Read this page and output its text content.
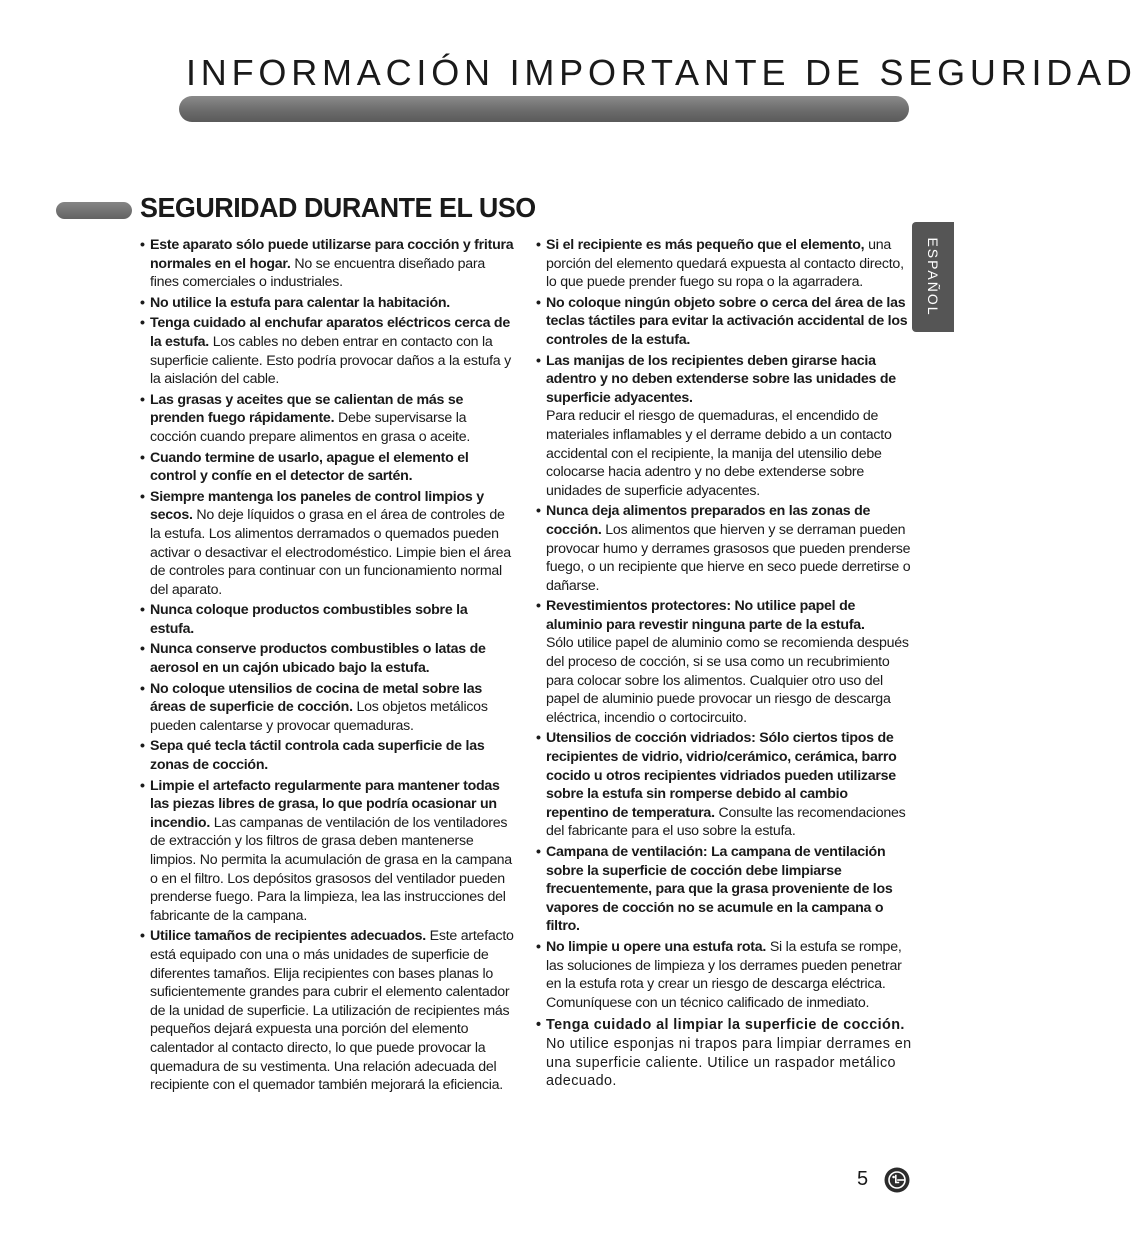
INFORMACIÓN IMPORTANTE DE SEGURIDAD
SEGURIDAD DURANTE EL USO
ESPAÑOL
• Este aparato sólo puede utilizarse para cocción y fritura normales en el hogar. No se encuentra diseñado para fines comerciales o industriales.
• No utilice la estufa para calentar la habitación.
• Tenga cuidado al enchufar aparatos eléctricos cerca de la estufa. Los cables no deben entrar en contacto con la superficie caliente. Esto podría provocar daños a la estufa y la aislación del cable.
• Las grasas y aceites que se calientan de más se prenden fuego rápidamente. Debe supervisarse la cocción cuando prepare alimentos en grasa o aceite.
• Cuando termine de usarlo, apague el elemento el control y confíe en el detector de sartén.
• Siempre mantenga los paneles de control limpios y secos. No deje líquidos o grasa en el área de controles de la estufa. Los alimentos derramados o quemados pueden activar o desactivar el electrodoméstico. Limpie bien el área de controles para continuar con un funcionamiento normal del aparato.
• Nunca coloque productos combustibles sobre la estufa.
• Nunca conserve productos combustibles o latas de aerosol en un cajón ubicado bajo la estufa.
• No coloque utensilios de cocina de metal sobre las áreas de superficie de cocción. Los objetos metálicos pueden calentarse y provocar quemaduras.
• Sepa qué tecla táctil controla cada superficie de las zonas de cocción.
• Limpie el artefacto regularmente para mantener todas las piezas libres de grasa, lo que podría ocasionar un incendio. Las campanas de ventilación de los ventiladores de extracción y los filtros de grasa deben mantenerse limpios. No permita la acumulación de grasa en la campana o en el filtro. Los depósitos grasosos del ventilador pueden prenderse fuego. Para la limpieza, lea las instrucciones del fabricante de la campana.
• Utilice tamaños de recipientes adecuados. Este artefacto está equipado con una o más unidades de superficie de diferentes tamaños. Elija recipientes con bases planas lo suficientemente grandes para cubrir el elemento calentador de la unidad de superficie. La utilización de recipientes más pequeños dejará expuesta una porción del elemento calentador al contacto directo, lo que puede provocar la quemadura de su vestimenta. Una relación adecuada del recipiente con el quemador también mejorará la eficiencia.
• Si el recipiente es más pequeño que el elemento, una porción del elemento quedará expuesta al contacto directo, lo que puede prender fuego su ropa o la agarradera.
• No coloque ningún objeto sobre o cerca del área de las teclas táctiles para evitar la activación accidental de los controles de la estufa.
• Las manijas de los recipientes deben girarse hacia adentro y no deben extenderse sobre las unidades de superficie adyacentes.
Para reducir el riesgo de quemaduras, el encendido de materiales inflamables y el derrame debido a un contacto accidental con el recipiente, la manija del utensilio debe colocarse hacia adentro y no debe extenderse sobre unidades de superficie adyacentes.
• Nunca deja alimentos preparados en las zonas de cocción. Los alimentos que hierven y se derraman pueden provocar humo y derrames grasosos que pueden prenderse fuego, o un recipiente que hierve en seco puede derretirse o dañarse.
• Revestimientos protectores: No utilice papel de aluminio para revestir ninguna parte de la estufa.
Sólo utilice papel de aluminio como se recomienda después del proceso de cocción, si se usa como un recubrimiento para colocar sobre los alimentos. Cualquier otro uso del papel de aluminio puede provocar un riesgo de descarga eléctrica, incendio o cortocircuito.
• Utensilios de cocción vidriados: Sólo ciertos tipos de recipientes de vidrio, vidrio/cerámico, cerámica, barro cocido u otros recipientes vidriados pueden utilizarse sobre la estufa sin romperse debido al cambio repentino de temperatura. Consulte las recomendaciones del fabricante para el uso sobre la estufa.
• Campana de ventilación: La campana de ventilación sobre la superficie de cocción debe limpiarse frecuentemente, para que la grasa proveniente de los vapores de cocción no se acumule en la campana o filtro.
• No limpie u opere una estufa rota. Si la estufa se rompe, las soluciones de limpieza y los derrames pueden penetrar en la estufa rota y crear un riesgo de descarga eléctrica. Comuníquese con un técnico calificado de inmediato.
• Tenga cuidado al limpiar la superficie de cocción. No utilice esponjas ni trapos para limpiar derrames en una superficie caliente. Utilice un raspador metálico adecuado.
5
